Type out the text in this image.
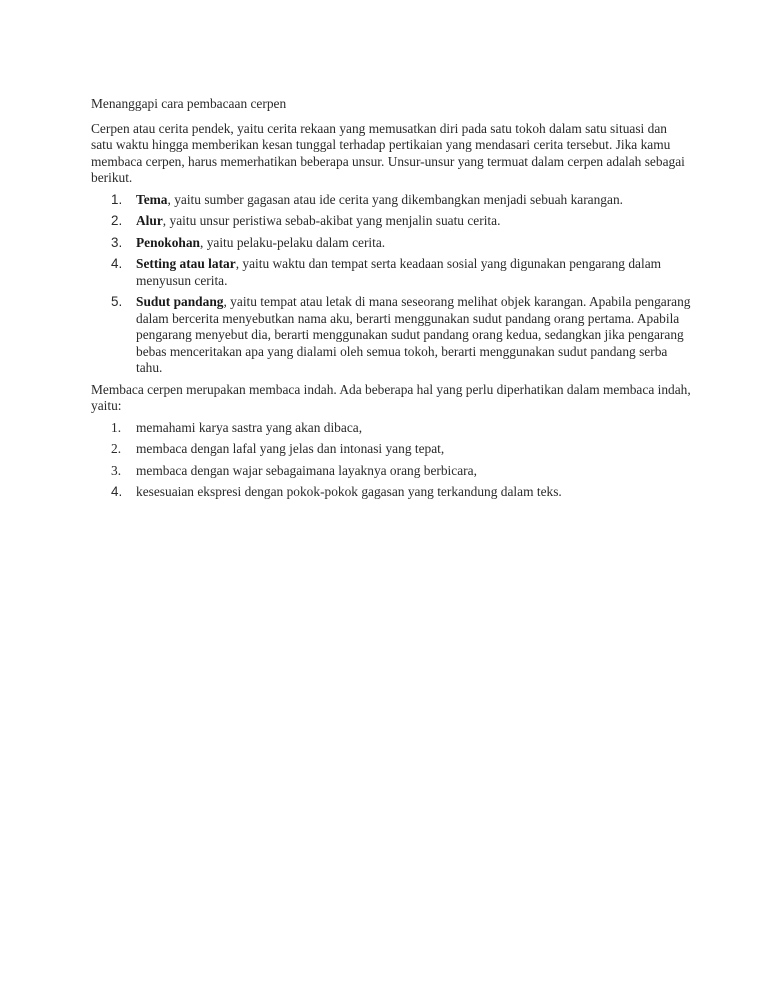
Menanggapi cara pembacaan cerpen

Cerpen atau cerita pendek, yaitu cerita rekaan yang memusatkan diri pada satu tokoh dalam satu situasi dan satu waktu hingga memberikan kesan tunggal terhadap pertikaian yang mendasari cerita tersebut. Jika kamu membaca cerpen, harus memerhatikan beberapa unsur. Unsur-unsur yang termuat dalam cerpen adalah sebagai berikut.

1.	Tema, yaitu sumber gagasan atau ide cerita yang dikembangkan menjadi sebuah karangan.
2.	Alur, yaitu unsur peristiwa sebab-akibat yang menjalin suatu cerita.
3.	Penokohan, yaitu pelaku-pelaku dalam cerita.
4.	Setting atau latar, yaitu waktu dan tempat serta keadaan sosial yang digunakan pengarang dalam menyusun cerita.
5.	Sudut pandang, yaitu tempat atau letak di mana seseorang melihat objek karangan. Apabila pengarang dalam bercerita menyebutkan nama aku, berarti menggunakan sudut pandang orang pertama. Apabila pengarang menyebut dia, berarti menggunakan sudut pandang orang kedua, sedangkan jika pengarang bebas menceritakan apa yang dialami oleh semua tokoh, berarti menggunakan sudut pandang serba tahu.

Membaca cerpen merupakan membaca indah. Ada beberapa hal yang perlu diperhatikan dalam membaca indah, yaitu:

1.	memahami karya sastra yang akan dibaca,
2.	membaca dengan lafal yang jelas dan intonasi yang tepat,
3.	membaca dengan wajar sebagaimana layaknya orang berbicara,
4.	kesesuaian ekspresi dengan pokok-pokok gagasan yang terkandung dalam teks.
